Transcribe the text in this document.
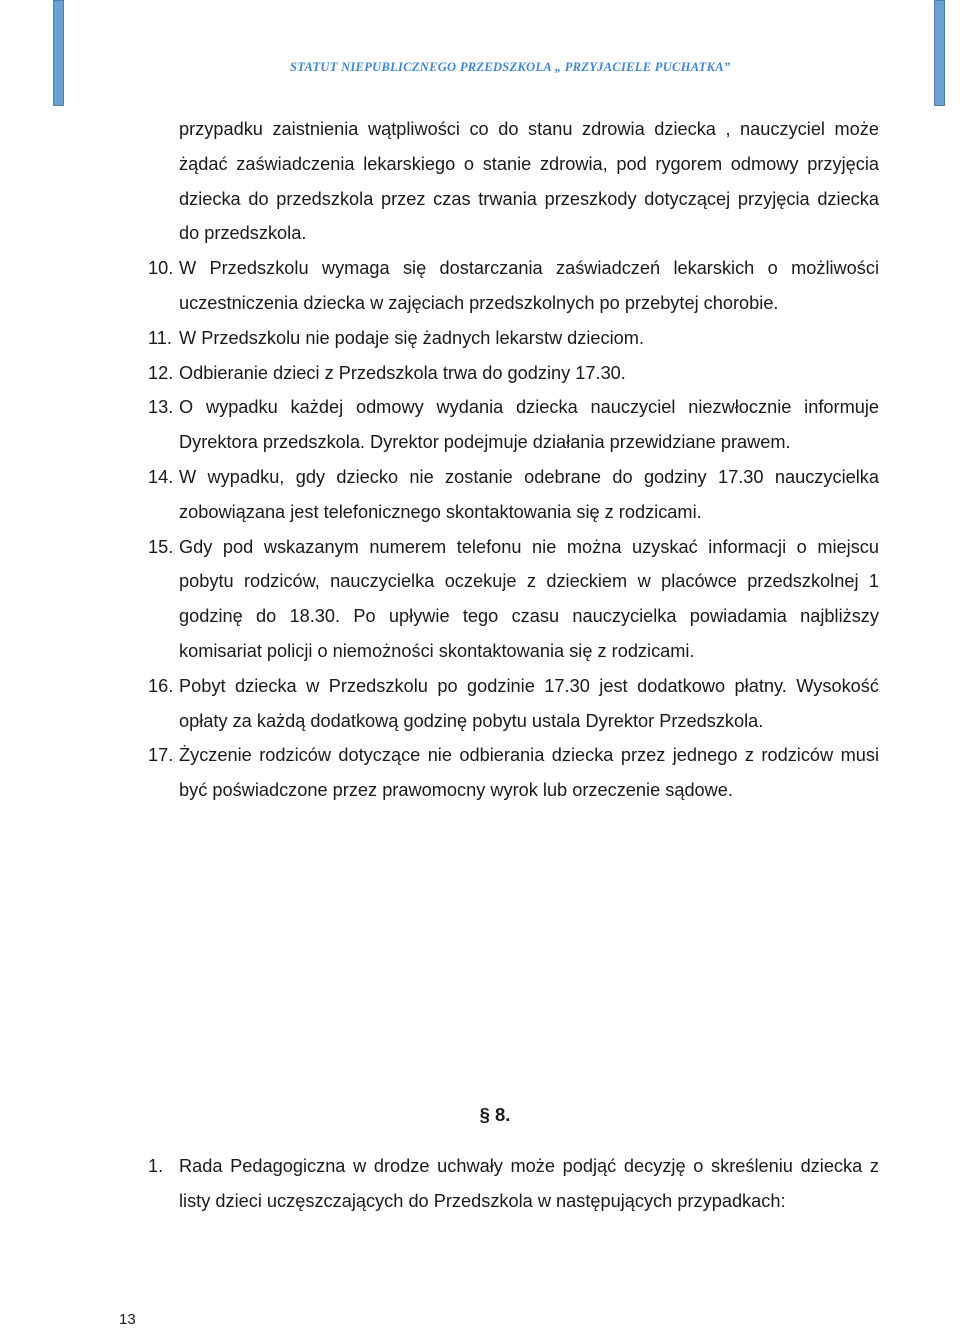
STATUT NIEPUBLICZNEGO PRZEDSZKOLA „ PRZYJACIELE PUCHATKA”

przypadku zaistnienia wątpliwości co do stanu zdrowia dziecka , nauczyciel może żądać zaświadczenia lekarskiego o stanie zdrowia, pod rygorem odmowy przyjęcia dziecka do przedszkola przez czas trwania przeszkody dotyczącej przyjęcia dziecka do przedszkola.

10. W Przedszkolu wymaga się dostarczania zaświadczeń lekarskich o możliwości uczestniczenia dziecka w zajęciach przedszkolnych po przebytej chorobie.
11. W Przedszkolu nie podaje się żadnych lekarstw dzieciom.
12. Odbieranie dzieci z Przedszkola trwa do godziny 17.30.
13. O wypadku każdej odmowy wydania dziecka nauczyciel niezwłocznie informuje Dyrektora przedszkola. Dyrektor podejmuje działania przewidziane prawem.
14. W wypadku, gdy dziecko nie zostanie odebrane do godziny 17.30 nauczycielka zobowiązana jest telefonicznego skontaktowania się z rodzicami.
15. Gdy pod wskazanym numerem telefonu nie można uzyskać informacji o miejscu pobytu rodziców, nauczycielka oczekuje z dzieckiem w placówce przedszkolnej 1 godzinę do 18.30. Po upływie tego czasu nauczycielka powiadamia najbliższy komisariat policji o niemożności skontaktowania się z rodzicami.
16. Pobyt dziecka w Przedszkolu po godzinie 17.30 jest dodatkowo płatny. Wysokość opłaty za każdą dodatkową godzinę pobytu ustala Dyrektor Przedszkola.
17. Życzenie rodziców dotyczące nie odbierania dziecka przez jednego z rodziców musi być poświadczone przez prawomocny wyrok lub orzeczenie sądowe.
§ 8.
1. Rada Pedagogiczna w drodze uchwały może podjąć decyzję o skreśleniu dziecka z listy dzieci uczęszczających do Przedszkola w następujących przypadkach:
13
